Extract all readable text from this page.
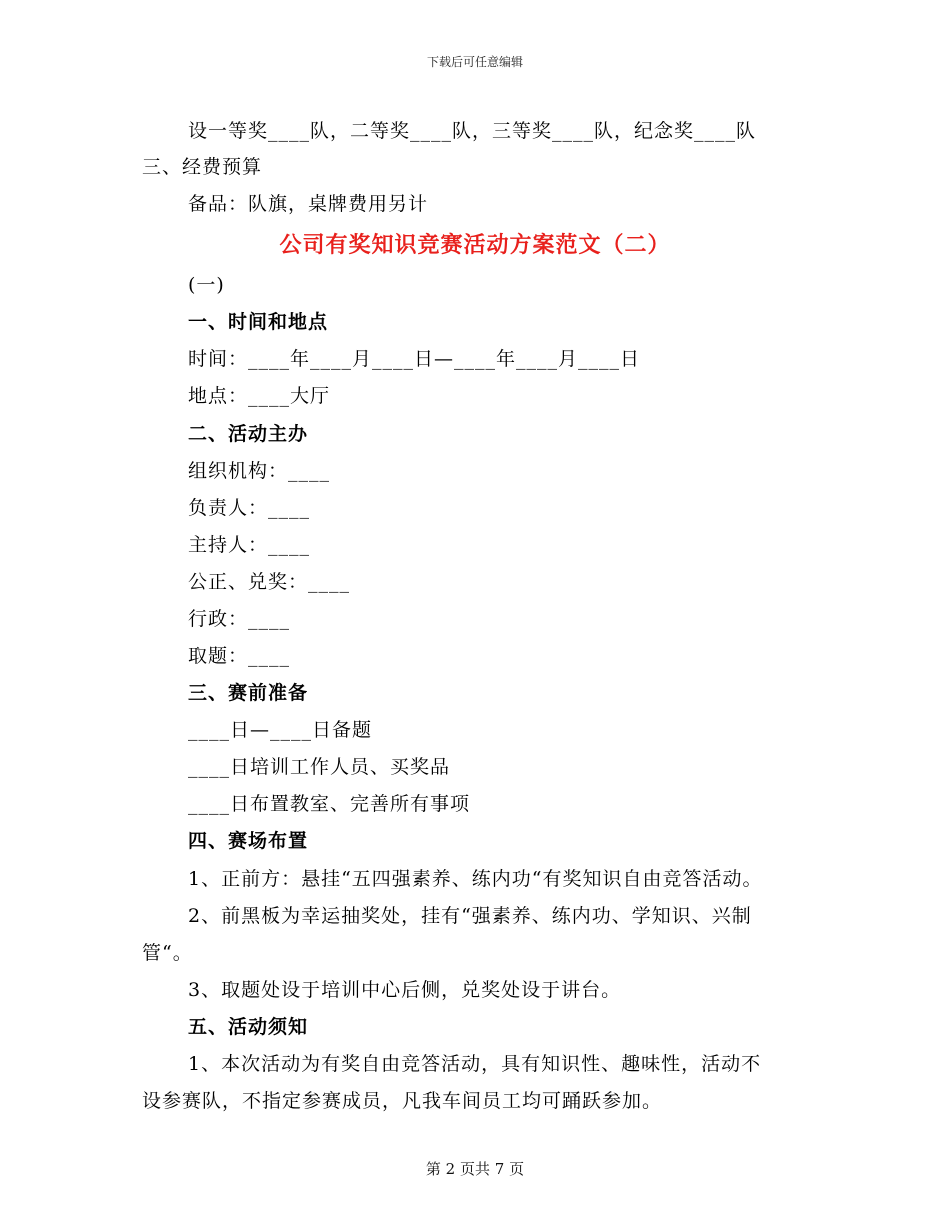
下载后可任意编辑
设一等奖____队，二等奖____队，三等奖____队，纪念奖____队
三、经费预算
备品：队旗，桌牌费用另计
公司有奖知识竞赛活动方案范文（二）
(一)
一、时间和地点
时间：____年____月____日—____年____月____日
地点：____大厅
二、活动主办
组织机构：____
负责人：____
主持人：____
公正、兑奖：____
行政：____
取题：____
三、赛前准备
____日—____日备题
____日培训工作人员、买奖品
____日布置教室、完善所有事项
四、赛场布置
1、正前方：悬挂“五四强素养、练内功“有奖知识自由竞答活动。
2、前黑板为幸运抽奖处，挂有“强素养、练内功、学知识、兴制
管“。
3、取题处设于培训中心后侧，兑奖处设于讲台。
五、活动须知
1、本次活动为有奖自由竞答活动，具有知识性、趣味性，活动不
设参赛队，不指定参赛成员，凡我车间员工均可踊跃参加。
第 2 页共 7 页
